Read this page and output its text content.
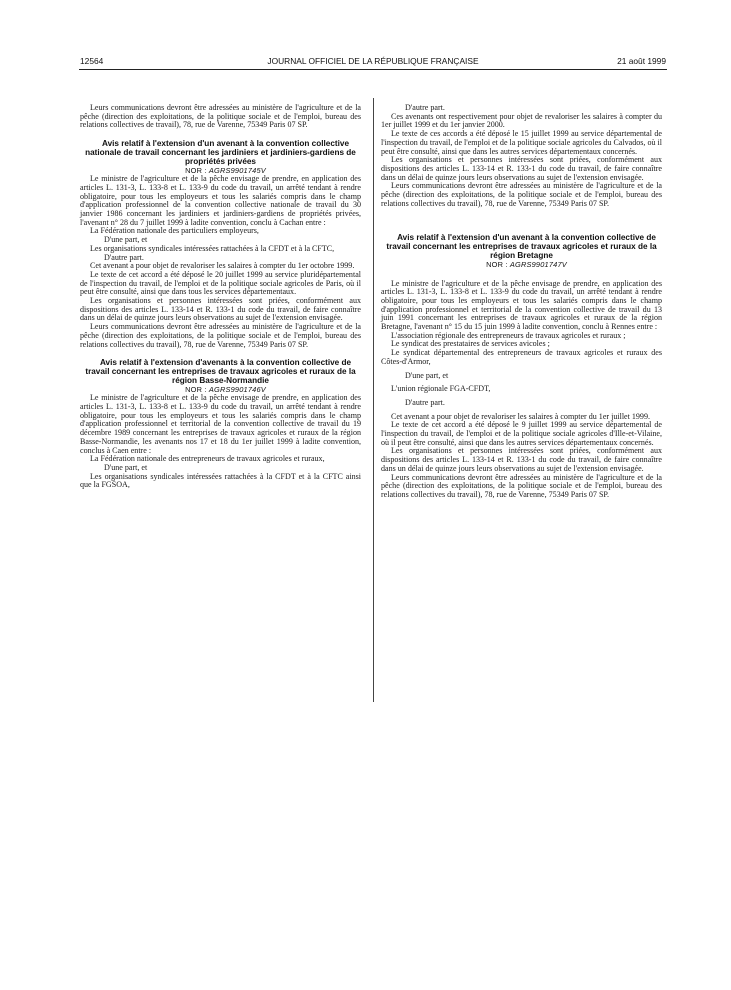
12564	JOURNAL OFFICIEL DE LA RÉPUBLIQUE FRANÇAISE	21 août 1999

Leurs communications devront être adressées au ministère de l'agriculture et de la pêche (direction des exploitations, de la politique sociale et de l'emploi, bureau des relations collectives de travail), 78, rue de Varenne, 75349 Paris 07 SP.

Avis relatif à l'extension d'un avenant à la convention collective nationale de travail concernant les jardiniers et jardiniers-gardiens de propriétés privées

NOR : AGRS9901745V

Le ministre de l'agriculture et de la pêche envisage de prendre, en application des articles L. 131-3, L. 133-8 et L. 133-9 du code du travail, un arrêté tendant à rendre obligatoire, pour tous les employeurs et tous les salariés compris dans le champ d'application professionnel de la convention collective nationale de travail du 30 janvier 1986 concernant les jardiniers et jardiniers-gardiens de propriétés privées, l'avenant n° 28 du 7 juillet 1999 à ladite convention, conclu à Cachan entre :

La Fédération nationale des particuliers employeurs,

D'une part, et

Les organisations syndicales intéressées rattachées à la CFDT et à la CFTC,

D'autre part.

Cet avenant a pour objet de revaloriser les salaires à compter du 1er octobre 1999.

Le texte de cet accord a été déposé le 20 juillet 1999 au service pluridépartemental de l'inspection du travail, de l'emploi et de la politique sociale agricoles de Paris, où il peut être consulté, ainsi que dans tous les services départementaux.

Les organisations et personnes intéressées sont priées, conformément aux dispositions des articles L. 133-14 et R. 133-1 du code du travail, de faire connaître dans un délai de quinze jours leurs observations au sujet de l'extension envisagée.

Leurs communications devront être adressées au ministère de l'agriculture et de la pêche (direction des exploitations, de la politique sociale et de l'emploi, bureau des relations collectives du travail), 78, rue de Varenne, 75349 Paris 07 SP.

Avis relatif à l'extension d'avenants à la convention collective de travail concernant les entreprises de travaux agricoles et ruraux de la région Basse-Normandie

NOR : AGRS9901746V

Le ministre de l'agriculture et de la pêche envisage de prendre, en application des articles L. 131-3, L. 133-8 et L. 133-9 du code du travail, un arrêté tendant à rendre obligatoire, pour tous les employeurs et tous les salariés compris dans le champ d'application professionnel et territorial de la convention collective de travail du 19 décembre 1989 concernant les entreprises de travaux agricoles et ruraux de la région Basse-Normandie, les avenants nos 17 et 18 du 1er juillet 1999 à ladite convention, conclus à Caen entre :

La Fédération nationale des entrepreneurs de travaux agricoles et ruraux,

D'une part, et

Les organisations syndicales intéressées rattachées à la CFDT et à la CFTC ainsi que la FGSOA,

D'autre part.

Ces avenants ont respectivement pour objet de revaloriser les salaires à compter du 1er juillet 1999 et du 1er janvier 2000.

Le texte de ces accords a été déposé le 15 juillet 1999 au service départemental de l'inspection du travail, de l'emploi et de la politique sociale agricoles du Calvados, où il peut être consulté, ainsi que dans les autres services départementaux concernés.

Les organisations et personnes intéressées sont priées, conformément aux dispositions des articles L. 133-14 et R. 133-1 du code du travail, de faire connaître dans un délai de quinze jours leurs observations au sujet de l'extension envisagée.

Leurs communications devront être adressées au ministère de l'agriculture et de la pêche (direction des exploitations, de la politique sociale et de l'emploi, bureau des relations collectives du travail), 78, rue de Varenne, 75349 Paris 07 SP.

Avis relatif à l'extension d'un avenant à la convention collective de travail concernant les entreprises de travaux agricoles et ruraux de la région Bretagne

NOR : AGRS9901747V

Le ministre de l'agriculture et de la pêche envisage de prendre, en application des articles L. 131-3, L. 133-8 et L. 133-9 du code du travail, un arrêté tendant à rendre obligatoire, pour tous les employeurs et tous les salariés compris dans le champ d'application professionnel et territorial de la convention collective de travail du 13 juin 1991 concernant les entreprises de travaux agricoles et ruraux de la région Bretagne, l'avenant n° 15 du 15 juin 1999 à ladite convention, conclu à Rennes entre :

L'association régionale des entrepreneurs de travaux agricoles et ruraux ;

Le syndicat des prestataires de services avicoles ;

Le syndicat départemental des entrepreneurs de travaux agricoles et ruraux des Côtes-d'Armor,

D'une part, et

L'union régionale FGA-CFDT,

D'autre part.

Cet avenant a pour objet de revaloriser les salaires à compter du 1er juillet 1999.

Le texte de cet accord a été déposé le 9 juillet 1999 au service départemental de l'inspection du travail, de l'emploi et de la politique sociale agricoles d'Ille-et-Vilaine, où il peut être consulté, ainsi que dans les autres services départementaux concernés.

Les organisations et personnes intéressées sont priées, conformément aux dispositions des articles L. 133-14 et R. 133-1 du code du travail, de faire connaître dans un délai de quinze jours leurs observations au sujet de l'extension envisagée.

Leurs communications devront être adressées au ministère de l'agriculture et de la pêche (direction des exploitations, de la politique sociale et de l'emploi, bureau des relations collectives du travail), 78, rue de Varenne, 75349 Paris 07 SP.
